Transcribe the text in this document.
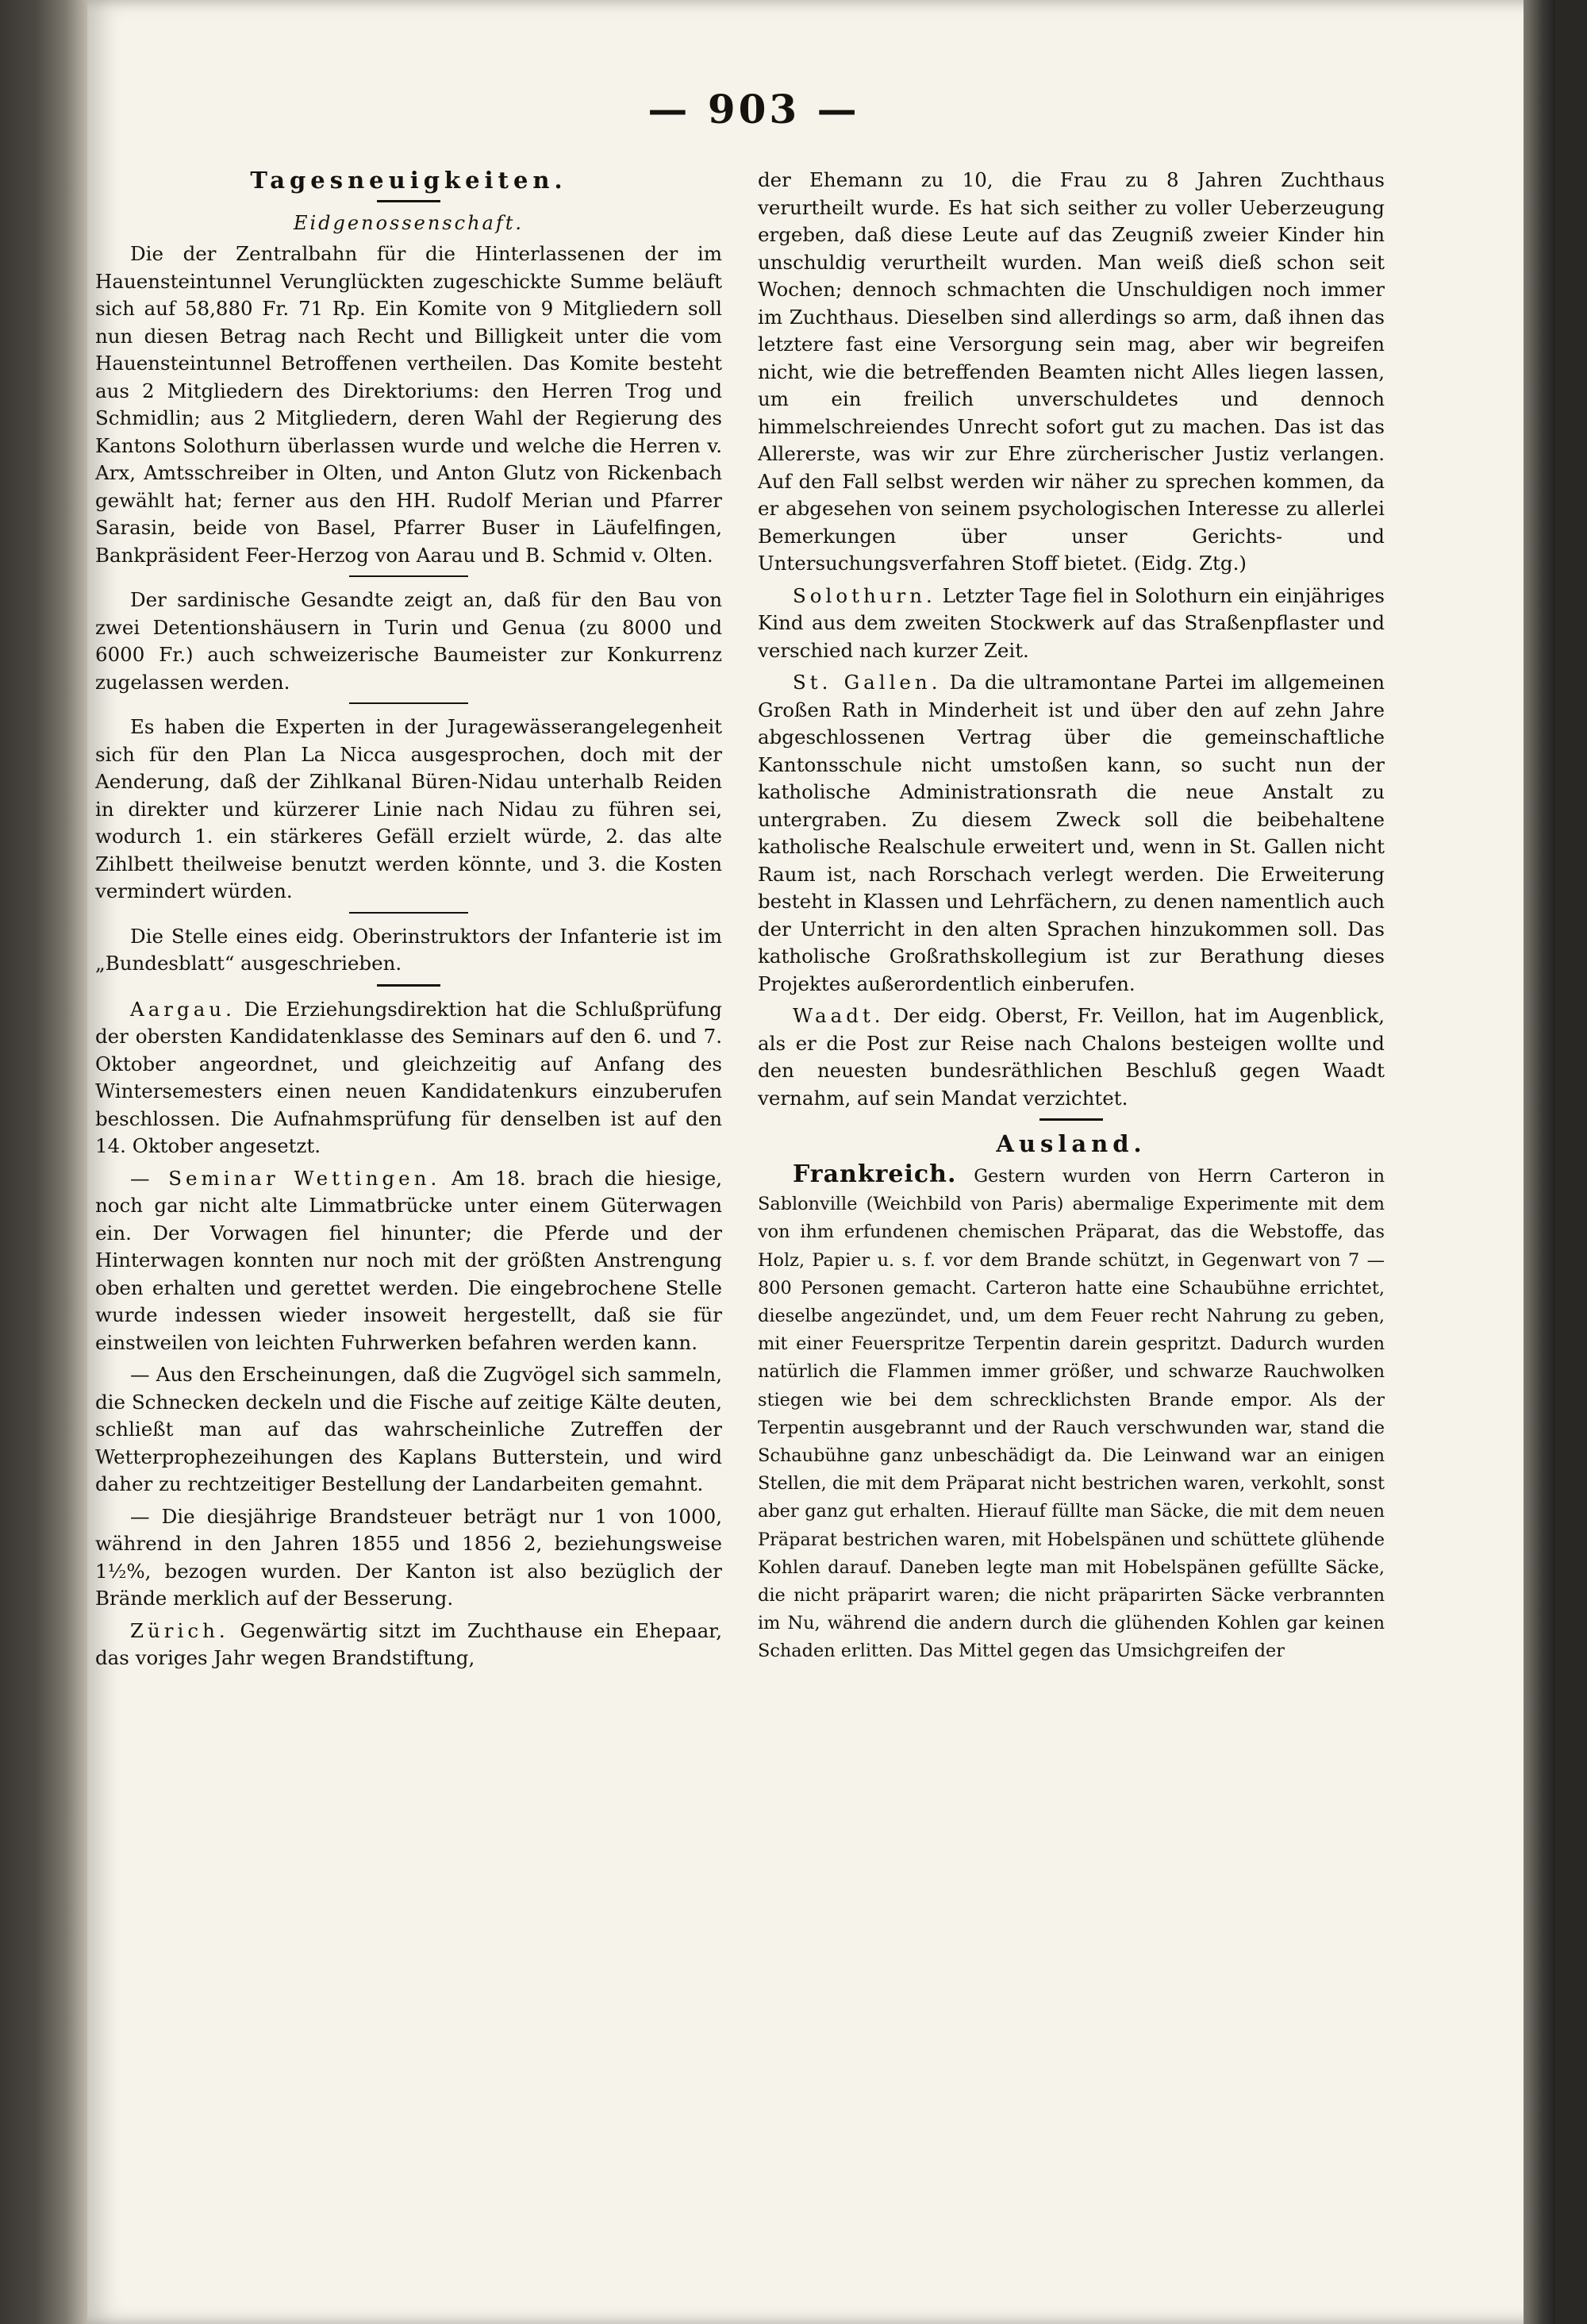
— 903 —
Tagesneuigkeiten.
Eidgenossenschaft.

Die der Zentralbahn für die Hinterlassenen der im Hauensteintunnel Verunglückten zugeschickte Summe beläuft sich auf 58,880 Fr. 71 Rp. Ein Komite von 9 Mitgliedern soll nun diesen Betrag nach Recht und Billigkeit unter die vom Hauensteintunnel Betroffenen vertheilen. Das Komite besteht aus 2 Mitgliedern des Direktoriums: den Herren Trog und Schmidlin; aus 2 Mitgliedern, deren Wahl der Regierung des Kantons Solothurn überlassen wurde und welche die Herren v. Arx, Amtsschreiber in Olten, und Anton Glutz von Rickenbach gewählt hat; ferner aus den HH. Rudolf Merian und Pfarrer Sarasin, beide von Basel, Pfarrer Buser in Läufelfingen, Bankpräsident Feer-Herzog von Aarau und B. Schmid v. Olten.

Der sardinische Gesandte zeigt an, daß für den Bau von zwei Detentionshäusern in Turin und Genua (zu 8000 und 6000 Fr.) auch schweizerische Baumeister zur Konkurrenz zugelassen werden.

Es haben die Experten in der Juragewässerangelegenheit sich für den Plan La Nicca ausgesprochen, doch mit der Aenderung, daß der Zihlkanal Büren-Nidau unterhalb Reiden in direkter und kürzerer Linie nach Nidau zu führen sei, wodurch 1. ein stärkeres Gefäll erzielt würde, 2. das alte Zihlbett theilweise benutzt werden könnte, und 3. die Kosten vermindert würden.

Die Stelle eines eidg. Oberinstruktors der Infanterie ist im „Bundesblatt“ ausgeschrieben.

Aargau. Die Erziehungsdirektion hat die Schlußprüfung der obersten Kandidatenklasse des Seminars auf den 6. und 7. Oktober angeordnet, und gleichzeitig auf Anfang des Wintersemesters einen neuen Kandidatenkurs einzuberufen beschlossen. Die Aufnahmsprüfung für denselben ist auf den 14. Oktober angesetzt.

— Seminar Wettingen. Am 18. brach die hiesige, noch gar nicht alte Limmatbrücke unter einem Güterwagen ein. Der Vorwagen fiel hinunter; die Pferde und der Hinterwagen konnten nur noch mit der größten Anstrengung oben erhalten und gerettet werden. Die eingebrochene Stelle wurde indessen wieder insoweit hergestellt, daß sie für einstweilen von leichten Fuhrwerken befahren werden kann.

— Aus den Erscheinungen, daß die Zugvögel sich sammeln, die Schnecken deckeln und die Fische auf zeitige Kälte deuten, schließt man auf das wahrscheinliche Zutreffen der Wetterprophezeihungen des Kaplans Butterstein, und wird daher zu rechtzeitiger Bestellung der Landarbeiten gemahnt.

— Die diesjährige Brandsteuer beträgt nur 1 von 1000, während in den Jahren 1855 und 1856 2, beziehungsweise 1½%, bezogen wurden. Der Kanton ist also bezüglich der Brände merklich auf der Besserung.

Zürich. Gegenwärtig sitzt im Zuchthause ein Ehepaar, das voriges Jahr wegen Brandstiftung,

der Ehemann zu 10, die Frau zu 8 Jahren Zuchthaus verurtheilt wurde. Es hat sich seither zu voller Ueberzeugung ergeben, daß diese Leute auf das Zeugniß zweier Kinder hin unschuldig verurtheilt wurden. Man weiß dieß schon seit Wochen; dennoch schmachten die Unschuldigen noch immer im Zuchthaus. Dieselben sind allerdings so arm, daß ihnen das letztere fast eine Versorgung sein mag, aber wir begreifen nicht, wie die betreffenden Beamten nicht Alles liegen lassen, um ein freilich unverschuldetes und dennoch himmelschreiendes Unrecht sofort gut zu machen. Das ist das Allererste, was wir zur Ehre zürcherischer Justiz verlangen. Auf den Fall selbst werden wir näher zu sprechen kommen, da er abgesehen von seinem psychologischen Interesse zu allerlei Bemerkungen über unser Gerichts- und Untersuchungsverfahren Stoff bietet. (Eidg. Ztg.)

Solothurn. Letzter Tage fiel in Solothurn ein einjähriges Kind aus dem zweiten Stockwerk auf das Straßenpflaster und verschied nach kurzer Zeit.

St. Gallen. Da die ultramontane Partei im allgemeinen Großen Rath in Minderheit ist und über den auf zehn Jahre abgeschlossenen Vertrag über die gemeinschaftliche Kantonsschule nicht umstoßen kann, so sucht nun der katholische Administrationsrath die neue Anstalt zu untergraben. Zu diesem Zweck soll die beibehaltene katholische Realschule erweitert und, wenn in St. Gallen nicht Raum ist, nach Rorschach verlegt werden. Die Erweiterung besteht in Klassen und Lehrfächern, zu denen namentlich auch der Unterricht in den alten Sprachen hinzukommen soll. Das katholische Großrathskollegium ist zur Berathung dieses Projektes außerordentlich einberufen.

Waadt. Der eidg. Oberst, Fr. Veillon, hat im Augenblick, als er die Post zur Reise nach Chalons besteigen wollte und den neuesten bundesräthlichen Beschluß gegen Waadt vernahm, auf sein Mandat verzichtet.

Ausland.

Frankreich. Gestern wurden von Herrn Carteron in Sablonville (Weichbild von Paris) abermalige Experimente mit dem von ihm erfundenen chemischen Präparat, das die Webstoffe, das Holz, Papier u. s. f. vor dem Brande schützt, in Gegenwart von 7 — 800 Personen gemacht. Carteron hatte eine Schaubühne errichtet, dieselbe angezündet, und, um dem Feuer recht Nahrung zu geben, mit einer Feuerspritze Terpentin darein gespritzt. Dadurch wurden natürlich die Flammen immer größer, und schwarze Rauchwolken stiegen wie bei dem schrecklichsten Brande empor. Als der Terpentin ausgebrannt und der Rauch verschwunden war, stand die Schaubühne ganz unbeschädigt da. Die Leinwand war an einigen Stellen, die mit dem Präparat nicht bestrichen waren, verkohlt, sonst aber ganz gut erhalten. Hierauf füllte man Säcke, die mit dem neuen Präparat bestrichen waren, mit Hobelspänen und schüttete glühende Kohlen darauf. Daneben legte man mit Hobelspänen gefüllte Säcke, die nicht präparirt waren; die nicht präparirten Säcke verbrannten im Nu, während die andern durch die glühenden Kohlen gar keinen Schaden erlitten. Das Mittel gegen das Umsichgreifen der
